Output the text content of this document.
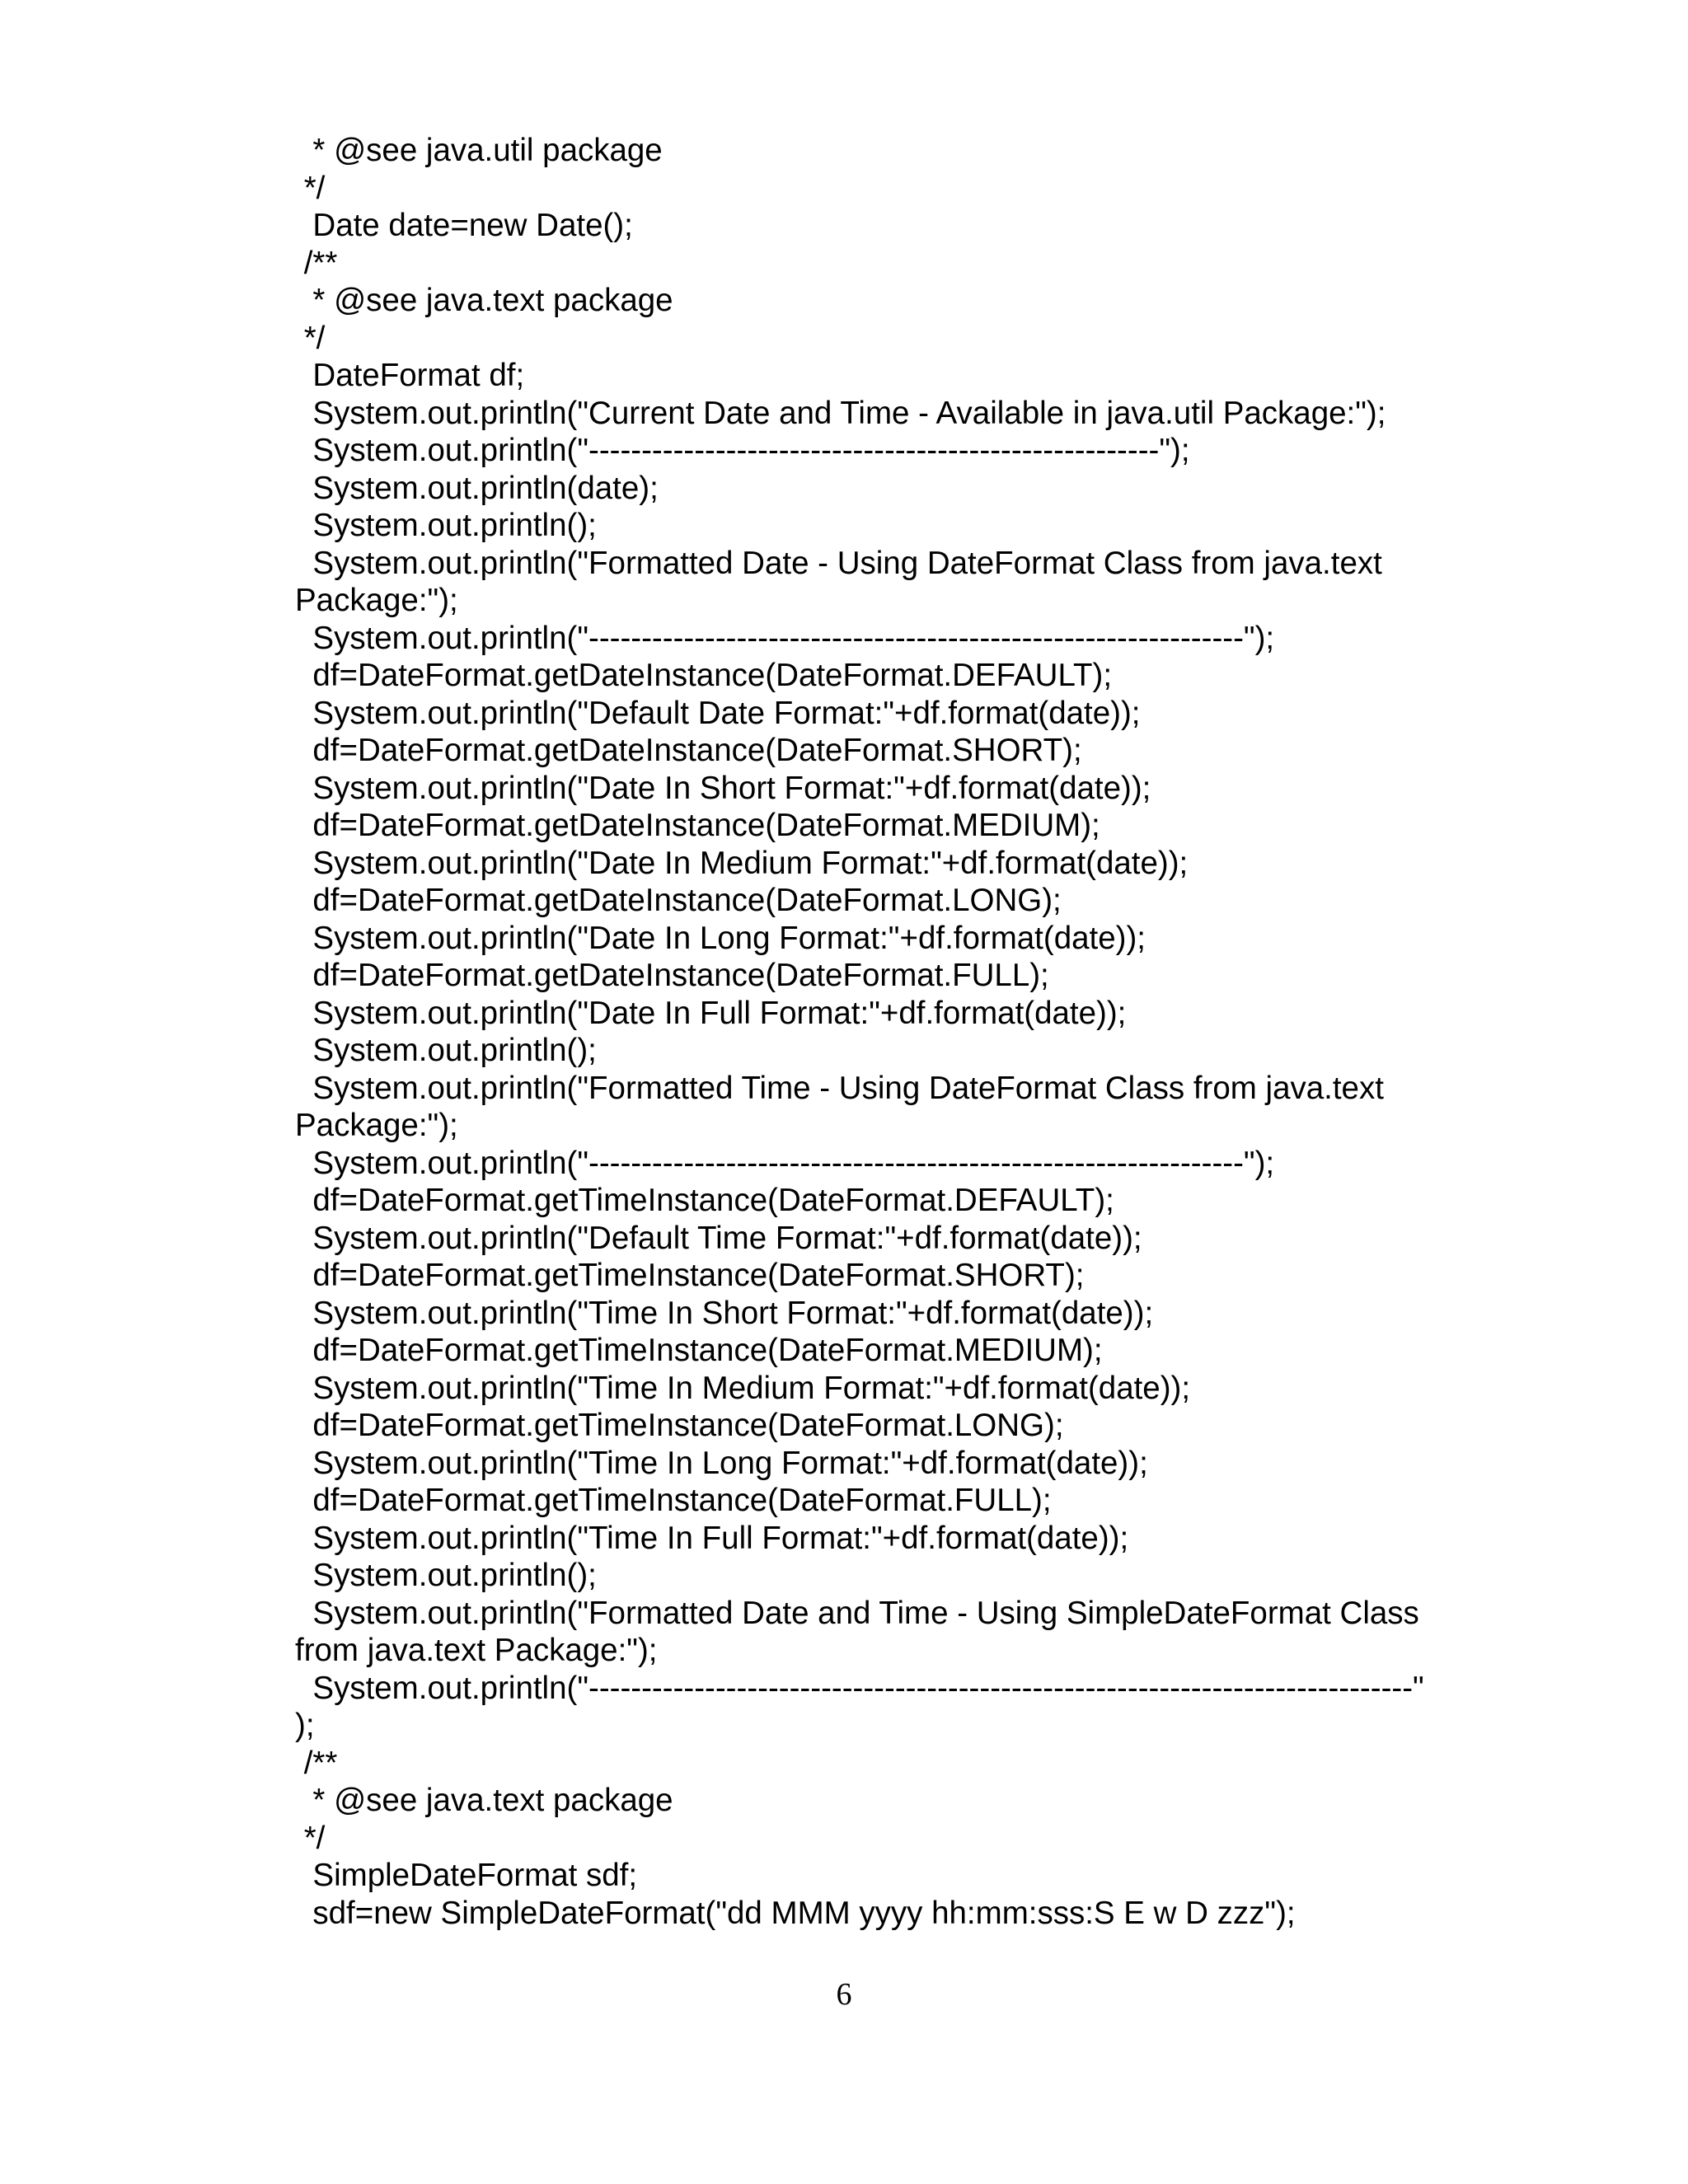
* @see java.util package
*/
Date date=new Date();
/**
* @see java.text package
*/
DateFormat df;
System.out.println("Current Date and Time - Available in java.util Package:");
System.out.println("------------------------------------------------------");
System.out.println(date);
System.out.println();
System.out.println("Formatted Date - Using DateFormat Class from java.text
Package:");
System.out.println("--------------------------------------------------------------");
df=DateFormat.getDateInstance(DateFormat.DEFAULT);
System.out.println("Default Date Format:"+df.format(date));
df=DateFormat.getDateInstance(DateFormat.SHORT);
System.out.println("Date In Short Format:"+df.format(date));
df=DateFormat.getDateInstance(DateFormat.MEDIUM);
System.out.println("Date In Medium Format:"+df.format(date));
df=DateFormat.getDateInstance(DateFormat.LONG);
System.out.println("Date In Long Format:"+df.format(date));
df=DateFormat.getDateInstance(DateFormat.FULL);
System.out.println("Date In Full Format:"+df.format(date));
System.out.println();
System.out.println("Formatted Time - Using DateFormat Class from java.text
Package:");
System.out.println("--------------------------------------------------------------");
df=DateFormat.getTimeInstance(DateFormat.DEFAULT);
System.out.println("Default Time Format:"+df.format(date));
df=DateFormat.getTimeInstance(DateFormat.SHORT);
System.out.println("Time In Short Format:"+df.format(date));
df=DateFormat.getTimeInstance(DateFormat.MEDIUM);
System.out.println("Time In Medium Format:"+df.format(date));
df=DateFormat.getTimeInstance(DateFormat.LONG);
System.out.println("Time In Long Format:"+df.format(date));
df=DateFormat.getTimeInstance(DateFormat.FULL);
System.out.println("Time In Full Format:"+df.format(date));
System.out.println();
System.out.println("Formatted Date and Time - Using SimpleDateFormat Class
from java.text Package:");
System.out.println("------------------------------------------------------------------------------"
);
/**
* @see java.text package
*/
SimpleDateFormat sdf;
sdf=new SimpleDateFormat("dd MMM yyyy hh:mm:sss:S E w D zzz");
6
